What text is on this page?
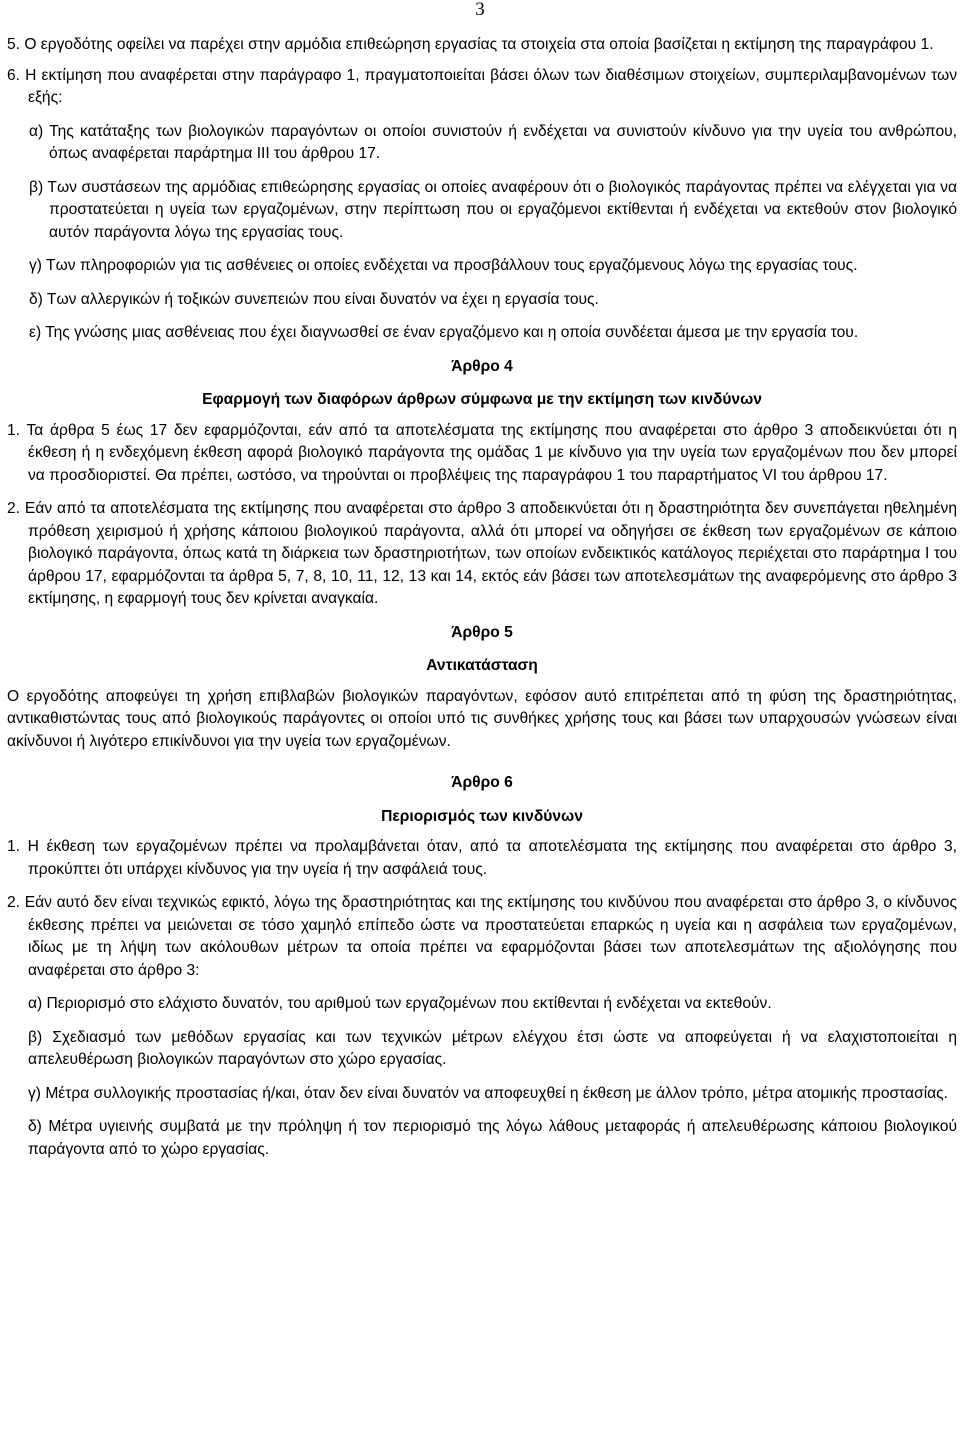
3

5. Ο εργοδότης οφείλει να παρέχει στην αρμόδια επιθεώρηση εργασίας τα στοιχεία στα οποία βασίζεται η εκτίμηση της παραγράφου 1.

6. Η εκτίμηση που αναφέρεται στην παράγραφο 1, πραγματοποιείται βάσει όλων των διαθέσιμων στοιχείων, συμπεριλαμβανομένων των εξής:

α) Της κατάταξης των βιολογικών παραγόντων οι οποίοι συνιστούν ή ενδέχεται να συνιστούν κίνδυνο για την υγεία του ανθρώπου, όπως αναφέρεται παράρτημα ΙΙΙ του άρθρου 17.

β) Των συστάσεων της αρμόδιας επιθεώρησης εργασίας οι οποίες αναφέρουν ότι ο βιολογικός παράγοντας πρέπει να ελέγχεται για να προστατεύεται η υγεία των εργαζομένων, στην περίπτωση που οι εργαζόμενοι εκτίθενται ή ενδέχεται να εκτεθούν στον βιολογικό αυτόν παράγοντα λόγω της εργασίας τους.

γ) Των πληροφοριών για τις ασθένειες οι οποίες ενδέχεται να προσβάλλουν τους εργαζόμενους λόγω της εργασίας τους.

δ) Των αλλεργικών ή τοξικών συνεπειών που είναι δυνατόν να έχει η εργασία τους.

ε) Της γνώσης μιας ασθένειας που έχει διαγνωσθεί σε έναν εργαζόμενο και η οποία συνδέεται άμεσα με την εργασία του.

Άρθρο 4

Εφαρμογή των διαφόρων άρθρων σύμφωνα με την εκτίμηση των κινδύνων

1. Τα άρθρα 5 έως 17 δεν εφαρμόζονται, εάν από τα αποτελέσματα της εκτίμησης που αναφέρεται στο άρθρο 3 αποδεικνύεται ότι η έκθεση ή η ενδεχόμενη έκθεση αφορά βιολογικό παράγοντα της ομάδας 1 με κίνδυνο για την υγεία των εργαζομένων που δεν μπορεί να προσδιοριστεί. Θα πρέπει, ωστόσο, να τηρούνται οι προβλέψεις της παραγράφου 1 του παραρτήματος VI του άρθρου 17.

2. Εάν από τα αποτελέσματα της εκτίμησης που αναφέρεται στο άρθρο 3 αποδεικνύεται ότι η δραστηριότητα δεν συνεπάγεται ηθελημένη πρόθεση χειρισμού ή χρήσης κάποιου βιολογικού παράγοντα, αλλά ότι μπορεί να οδηγήσει σε έκθεση των εργαζομένων σε κάποιο βιολογικό παράγοντα, όπως κατά τη διάρκεια των δραστηριοτήτων, των οποίων ενδεικτικός κατάλογος περιέχεται στο παράρτημα Ι του άρθρου 17, εφαρμόζονται τα άρθρα 5, 7, 8, 10, 11, 12, 13 και 14, εκτός εάν βάσει των αποτελεσμάτων της αναφερόμενης στο άρθρο 3 εκτίμησης, η εφαρμογή τους δεν κρίνεται αναγκαία.

Άρθρο 5

Αντικατάσταση

Ο εργοδότης αποφεύγει τη χρήση επιβλαβών βιολογικών παραγόντων, εφόσον αυτό επιτρέπεται από τη φύση της δραστηριότητας, αντικαθιστώντας τους από βιολογικούς παράγοντες οι οποίοι υπό τις συνθήκες χρήσης τους και βάσει των υπαρχουσών γνώσεων είναι ακίνδυνοι ή λιγότερο επικίνδυνοι για την υγεία των εργαζομένων.

Άρθρο 6

Περιορισμός των κινδύνων

1. Η έκθεση των εργαζομένων πρέπει να προλαμβάνεται όταν, από τα αποτελέσματα της εκτίμησης που αναφέρεται στο άρθρο 3, προκύπτει ότι υπάρχει κίνδυνος για την υγεία ή την ασφάλειά τους.

2. Εάν αυτό δεν είναι τεχνικώς εφικτό, λόγω της δραστηριότητας και της εκτίμησης του κινδύνου που αναφέρεται στο άρθρο 3, ο κίνδυνος έκθεσης πρέπει να μειώνεται σε τόσο χαμηλό επίπεδο ώστε να προστατεύεται επαρκώς η υγεία και η ασφάλεια των εργαζομένων, ιδίως με τη λήψη των ακόλουθων μέτρων τα οποία πρέπει να εφαρμόζονται βάσει των αποτελεσμάτων της αξιολόγησης που αναφέρεται στο άρθρο 3:

α) Περιορισμό στο ελάχιστο δυνατόν, του αριθμού των εργαζομένων που εκτίθενται ή ενδέχεται να εκτεθούν.

β) Σχεδιασμό των μεθόδων εργασίας και των τεχνικών μέτρων ελέγχου έτσι ώστε να αποφεύγεται ή να ελαχιστοποιείται η απελευθέρωση βιολογικών παραγόντων στο χώρο εργασίας.

γ) Μέτρα συλλογικής προστασίας ή/και, όταν δεν είναι δυνατόν να αποφευχθεί η έκθεση με άλλον τρόπο, μέτρα ατομικής προστασίας.

δ) Μέτρα υγιεινής συμβατά με την πρόληψη ή τον περιορισμό της λόγω λάθους μεταφοράς ή απελευθέρωσης κάποιου βιολογικού παράγοντα από το χώρο εργασίας.
